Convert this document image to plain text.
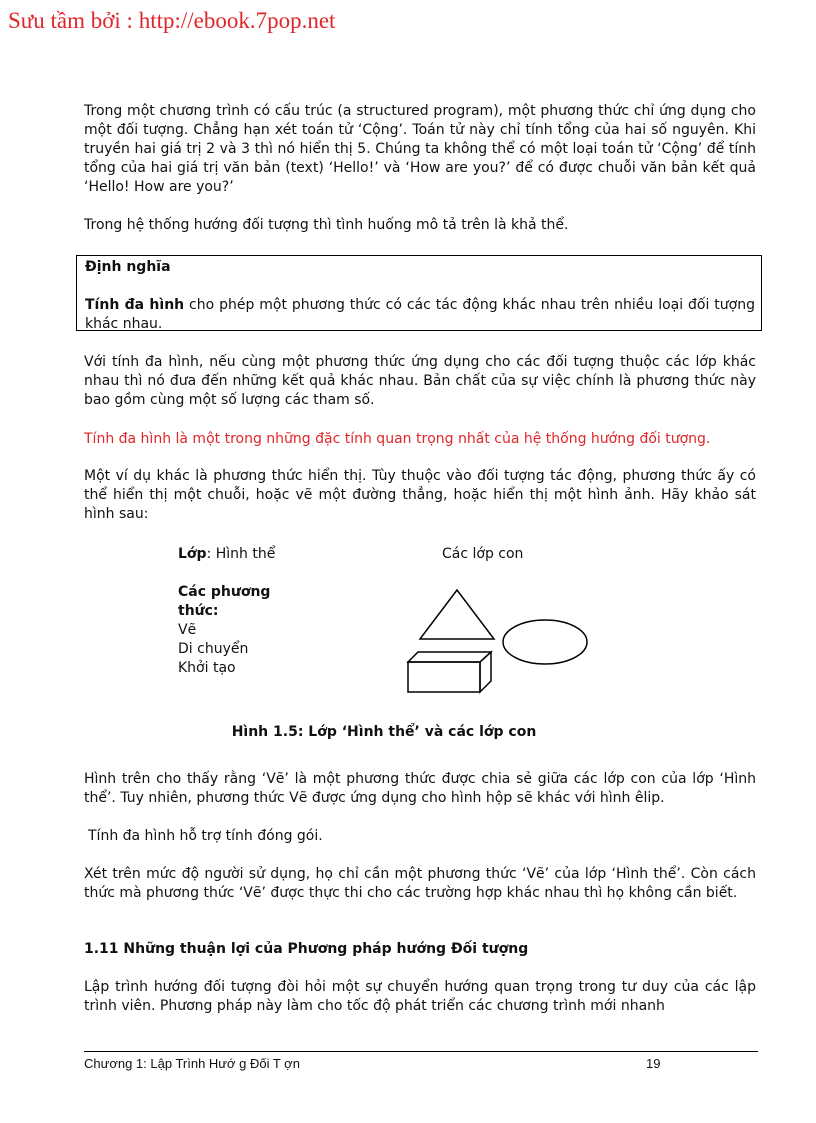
Sưu tầm bởi : http://ebook.7pop.net

Trong một chương trình có cấu trúc (a structured program), một phương thức chỉ ứng dụng cho một đối tượng. Chẳng hạn xét toán tử ‘Cộng’. Toán tử này chỉ tính tổng của hai số nguyên. Khi truyền hai giá trị 2 và 3 thì nó hiển thị 5. Chúng ta không thể có một loại toán tử ‘Cộng’ để tính tổng của hai giá trị văn bản (text) ‘Hello!’ và ‘How are you?’ để có được chuỗi văn bản kết quả ‘Hello! How are you?’

Trong hệ thống hướng đối tượng thì tình huống mô tả trên là khả thể.

Định nghĩa
Tính đa hình cho phép một phương thức có các tác động khác nhau trên nhiều loại đối tượng khác nhau.

Với tính đa hình, nếu cùng một phương thức ứng dụng cho các đối tượng thuộc các lớp khác nhau thì nó đưa đến những kết quả khác nhau. Bản chất của sự việc chính là phương thức này bao gồm cùng một số lượng các tham số.

Tính đa hình là một trong những đặc tính quan trọng nhất của hệ thống hướng đối tượng.

Một ví dụ khác là phương thức hiển thị. Tùy thuộc vào đối tượng tác động, phương thức ấy có thể hiển thị một chuỗi, hoặc vẽ một đường thẳng, hoặc hiển thị một hình ảnh. Hãy khảo sát hình sau:

Lớp: Hình thể	Các lớp con
Các phương thức:
Vẽ
Di chuyển
Khởi tạo
Hình 1.5: Lớp ‘Hình thể’ và các lớp con

Hình trên cho thấy rằng ‘Vẽ’ là một phương thức được chia sẻ giữa các lớp con của lớp ‘Hình thể’. Tuy nhiên, phương thức Vẽ được ứng dụng cho hình hộp sẽ khác với hình êlip.

Tính đa hình hỗ trợ tính đóng gói.

Xét trên mức độ người sử dụng, họ chỉ cần một phương thức ‘Vẽ’ của lớp ‘Hình thể’. Còn cách thức mà phương thức ‘Vẽ’ được thực thi cho các trường hợp khác nhau thì họ không cần biết.

1.11 Những thuận lợi của Phương pháp hướng Đối tượng

Lập trình hướng đối tượng đòi hỏi một sự chuyển hướng quan trọng trong tư duy của các lập trình viên. Phương pháp này làm cho tốc độ phát triển các chương trình mới nhanh

Chương 1: Lập Trình Hướ g Đối T ợn	19
